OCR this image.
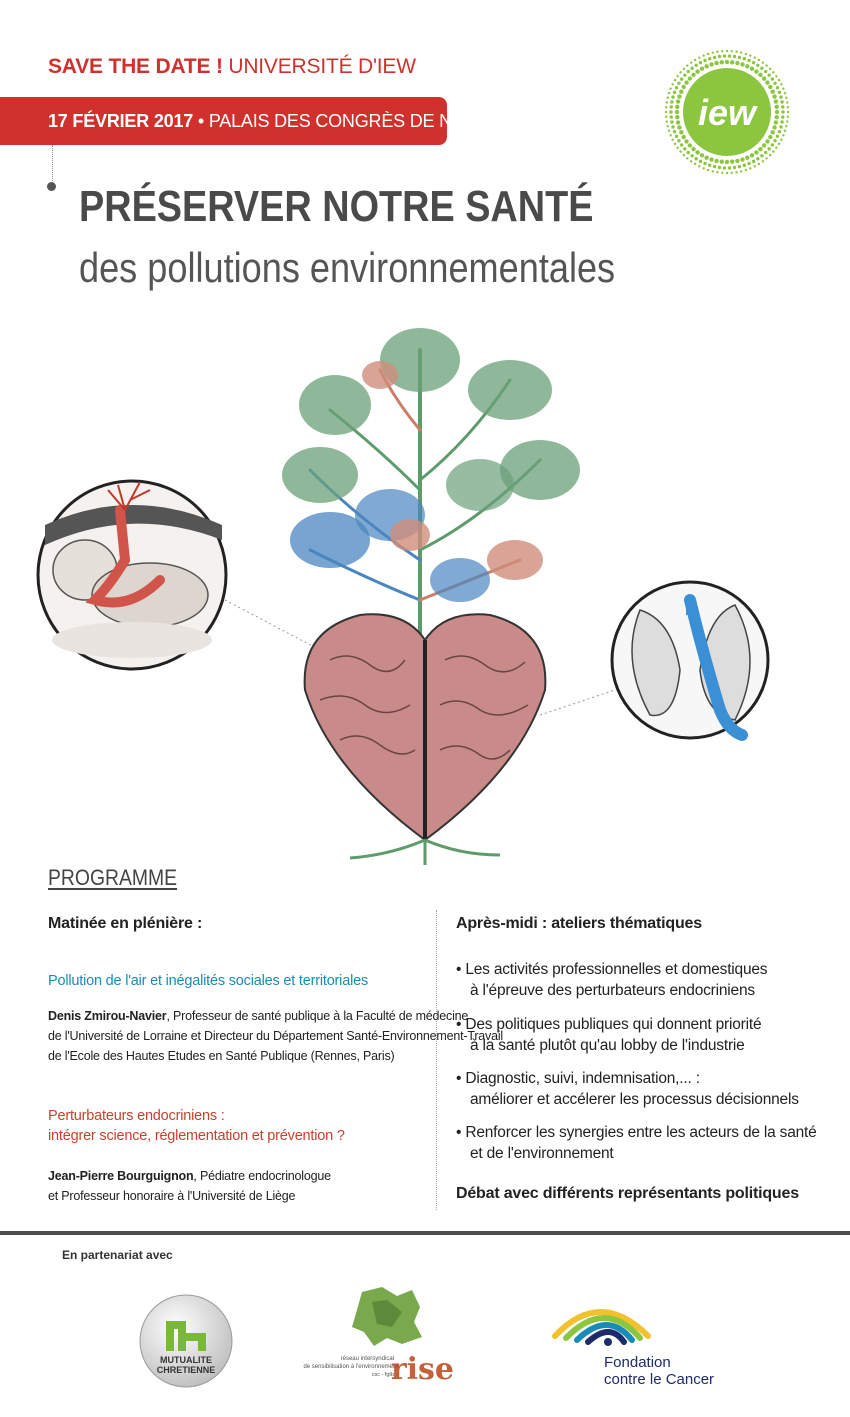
SAVE THE DATE ! UNIVERSITÉ D'IEW
17 FÉVRIER 2017 • PALAIS DES CONGRÈS DE NAMUR
PRÉSERVER NOTRE SANTÉ
des pollutions environnementales
iew
PROGRAMME
Matinée en plénière :
Pollution de l'air et inégalités sociales et territoriales
Denis Zmirou-Navier, Professeur de santé publique à la Faculté de médecine
de l'Université de Lorraine et Directeur du Département Santé-Environnement-Travail
de l'Ecole des Hautes Etudes en Santé Publique (Rennes, Paris)
Perturbateurs endocriniens :
intégrer science, réglementation et prévention ?
Jean-Pierre Bourguignon, Pédiatre endocrinologue
et Professeur honoraire à l'Université de Liège
Après-midi : ateliers thématiques
• Les activités professionnelles et domestiques
à l'épreuve des perturbateurs endocriniens
• Des politiques publiques qui donnent priorité
à la santé plutôt qu'au lobby de l'industrie
• Diagnostic, suivi, indemnisation,... :
améliorer et accélerer les processus décisionnels
• Renforcer les synergies entre les acteurs de la santé
et de l'environnement
Débat avec différents représentants politiques
En partenariat avec
MUTUALITE
CHRETIENNE	rise
réseau intersyndical
de sensibilisation à l'environnement
csc - fgtb
Fondation
contre le Cancer
